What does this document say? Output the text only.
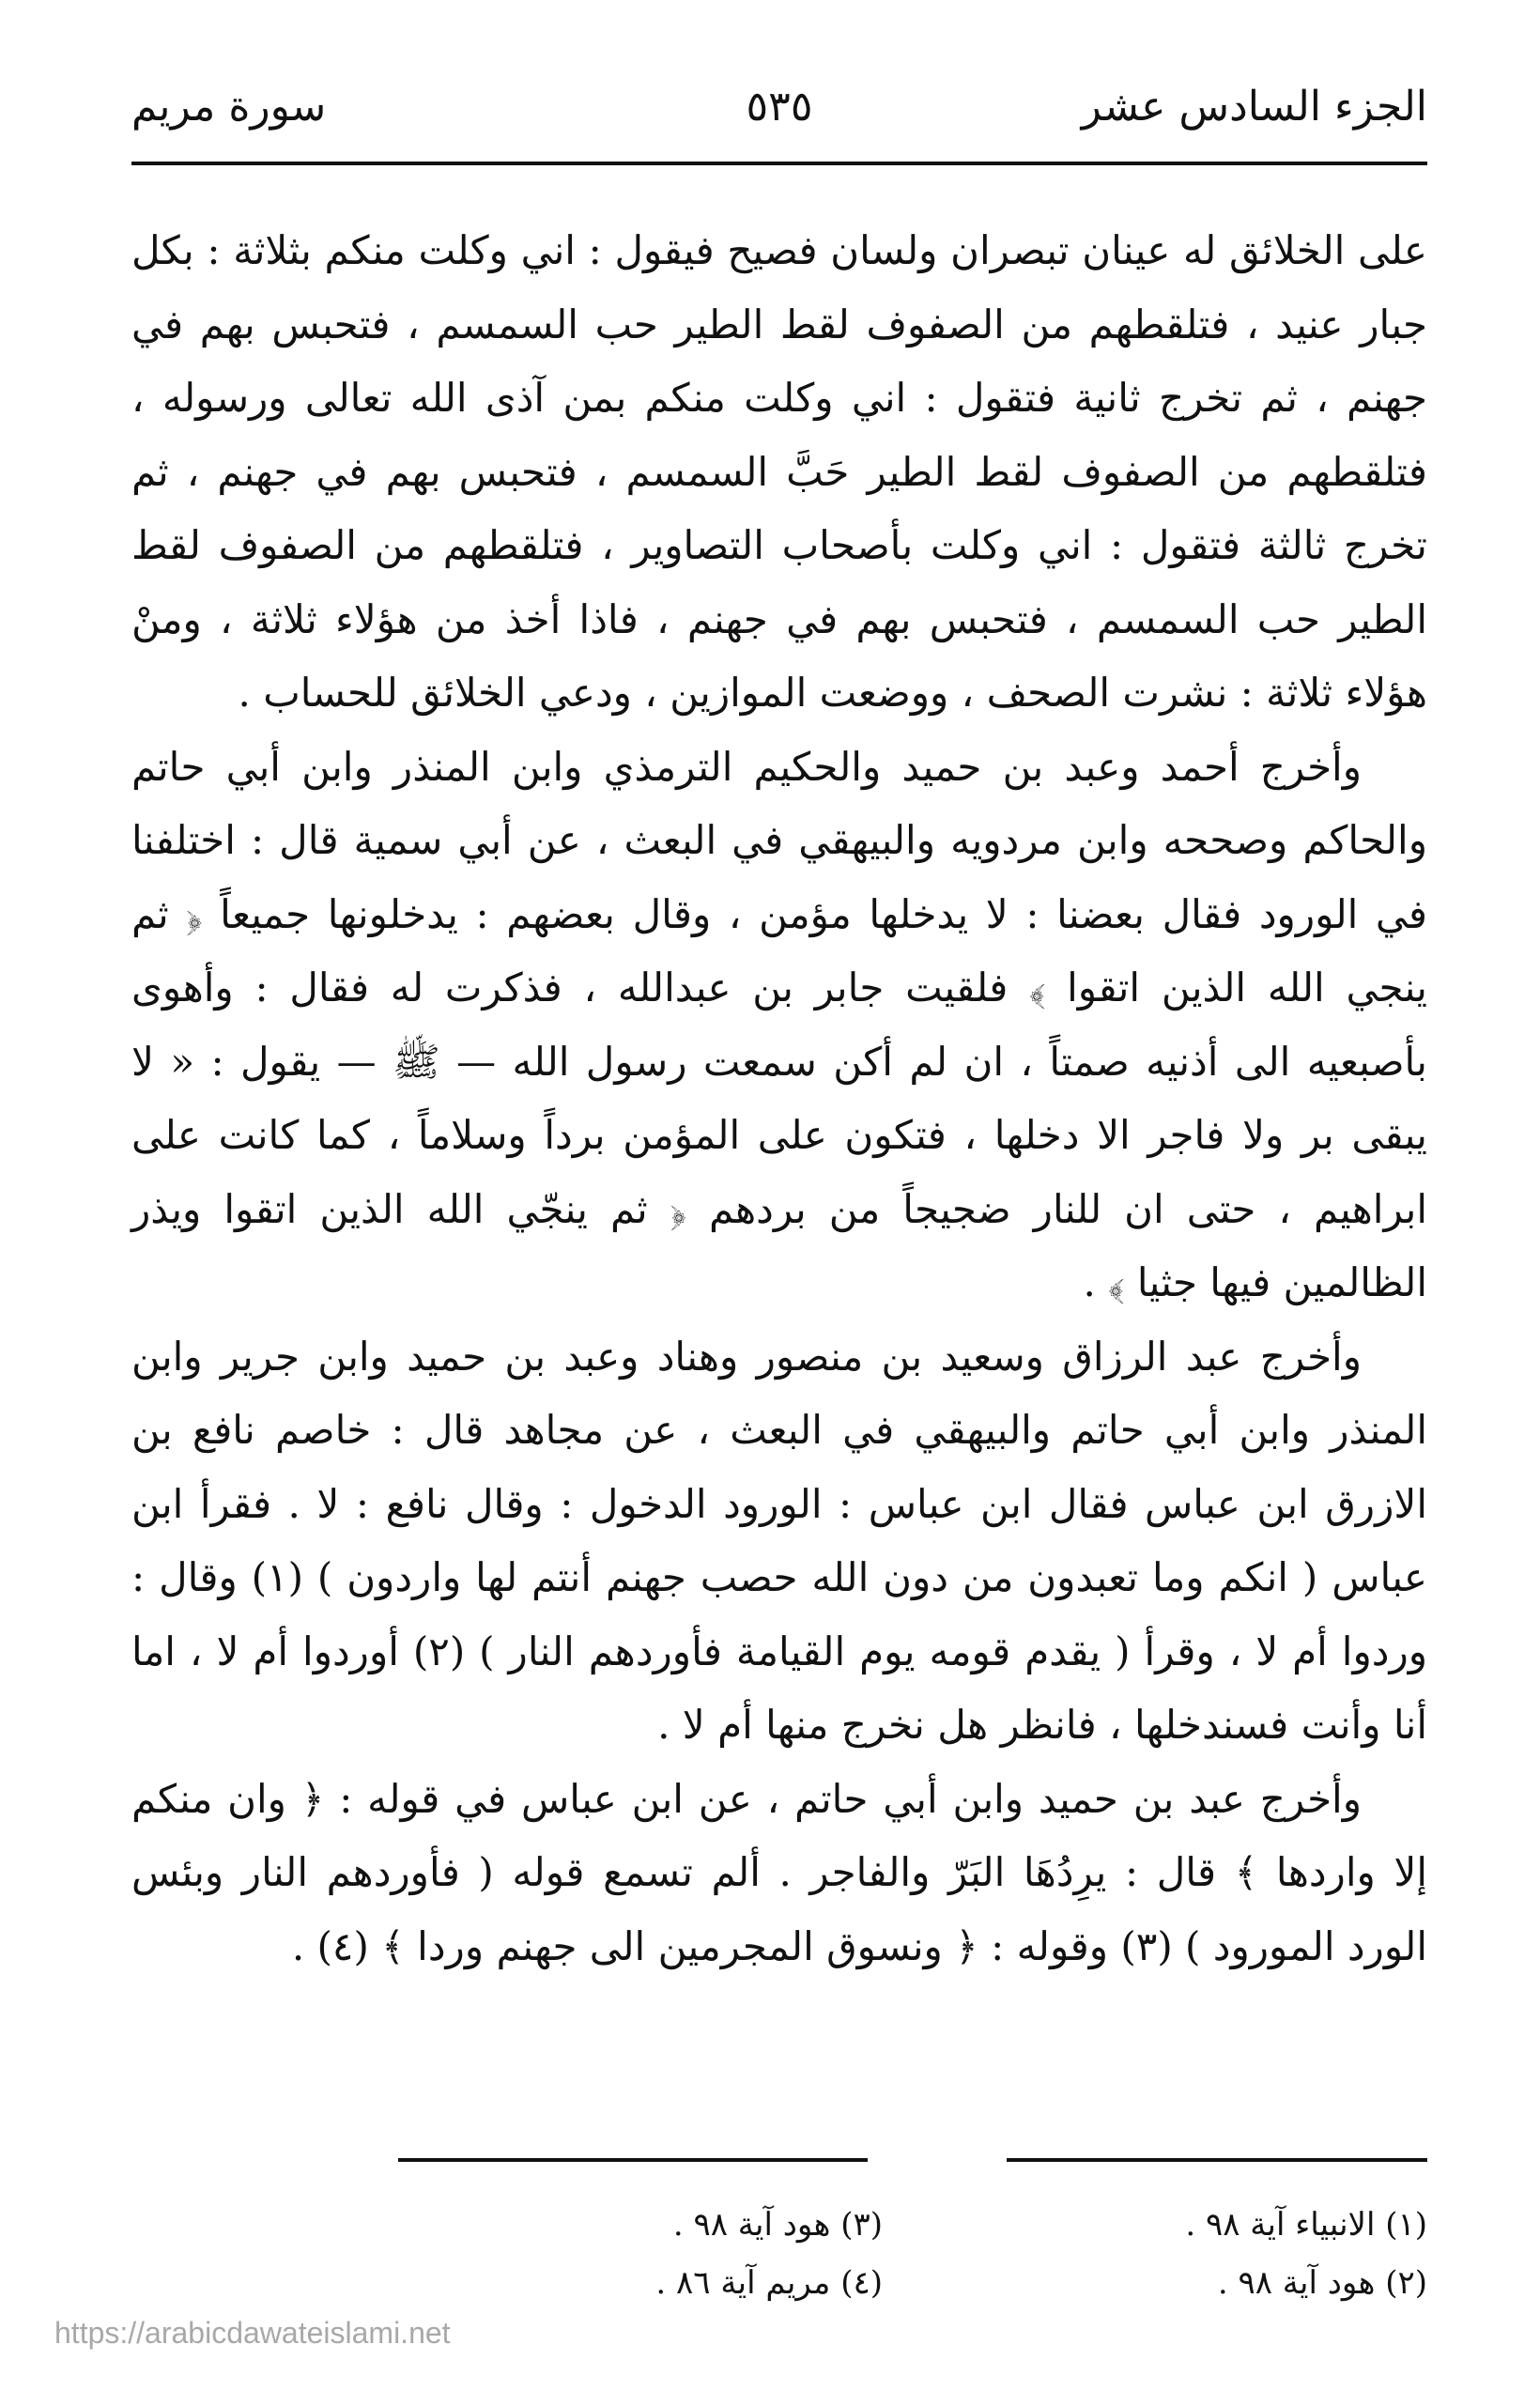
الجزء السادس عشر
٥٣٥
سورة مريم

على الخلائق له عينان تبصران ولسان فصيح فيقول : اني وكلت منكم بثلاثة : بكل جبار عنيد ، فتلقطهم من الصفوف لقط الطير حب السمسم ، فتحبس بهم في جهنم ، ثم تخرج ثانية فتقول : اني وكلت منكم بمن آذى الله تعالى ورسوله ، فتلقطهم من الصفوف لقط الطير حَبَّ السمسم ، فتحبس بهم في جهنم ، ثم تخرج ثالثة فتقول : اني وكلت بأصحاب التصاوير ، فتلقطهم من الصفوف لقط الطير حب السمسم ، فتحبس بهم في جهنم ، فاذا أخذ من هؤلاء ثلاثة ، ومنْ هؤلاء ثلاثة : نشرت الصحف ، ووضعت الموازين ، ودعي الخلائق للحساب .

وأخرج أحمد وعبد بن حميد والحكيم الترمذي وابن المنذر وابن أبي حاتم والحاكم وصححه وابن مردويه والبيهقي في البعث ، عن أبي سمية قال : اختلفنا في الورود فقال بعضنا : لا يدخلها مؤمن ، وقال بعضهم : يدخلونها جميعاً ﴿ ثم ينجي الله الذين اتقوا ﴾ فلقيت جابر بن عبدالله ، فذكرت له فقال : وأهوى بأصبعيه الى أذنيه صمتاً ، ان لم أكن سمعت رسول الله — ﷺ — يقول : « لا يبقى بر ولا فاجر الا دخلها ، فتكون على المؤمن برداً وسلاماً ، كما كانت على ابراهيم ، حتى ان للنار ضجيجاً من بردهم ﴿ ثم ينجّي الله الذين اتقوا ويذر الظالمين فيها جثيا ﴾ .

وأخرج عبد الرزاق وسعيد بن منصور وهناد وعبد بن حميد وابن جرير وابن المنذر وابن أبي حاتم والبيهقي في البعث ، عن مجاهد قال : خاصم نافع بن الازرق ابن عباس فقال ابن عباس : الورود الدخول : وقال نافع : لا . فقرأ ابن عباس ( انكم وما تعبدون من دون الله حصب جهنم أنتم لها واردون ) (١) وقال : وردوا أم لا ، وقرأ ( يقدم قومه يوم القيامة فأوردهم النار ) (٢) أوردوا أم لا ، اما أنا وأنت فسندخلها ، فانظر هل نخرج منها أم لا .

وأخرج عبد بن حميد وابن أبي حاتم ، عن ابن عباس في قوله : ﴿ وان منكم إلا واردها ﴾ قال : يرِدُهَا البَرّ والفاجر . ألم تسمع قوله ( فأوردهم النار وبئس الورد المورود ) (٣) وقوله : ﴿ ونسوق المجرمين الى جهنم وردا ﴾ (٤) .

(١) الانبياء آية ٩٨ .
(٢) هود آية ٩٨ .
(٣) هود آية ٩٨ .
(٤) مريم آية ٨٦ .
https://arabicdawateislami.net
